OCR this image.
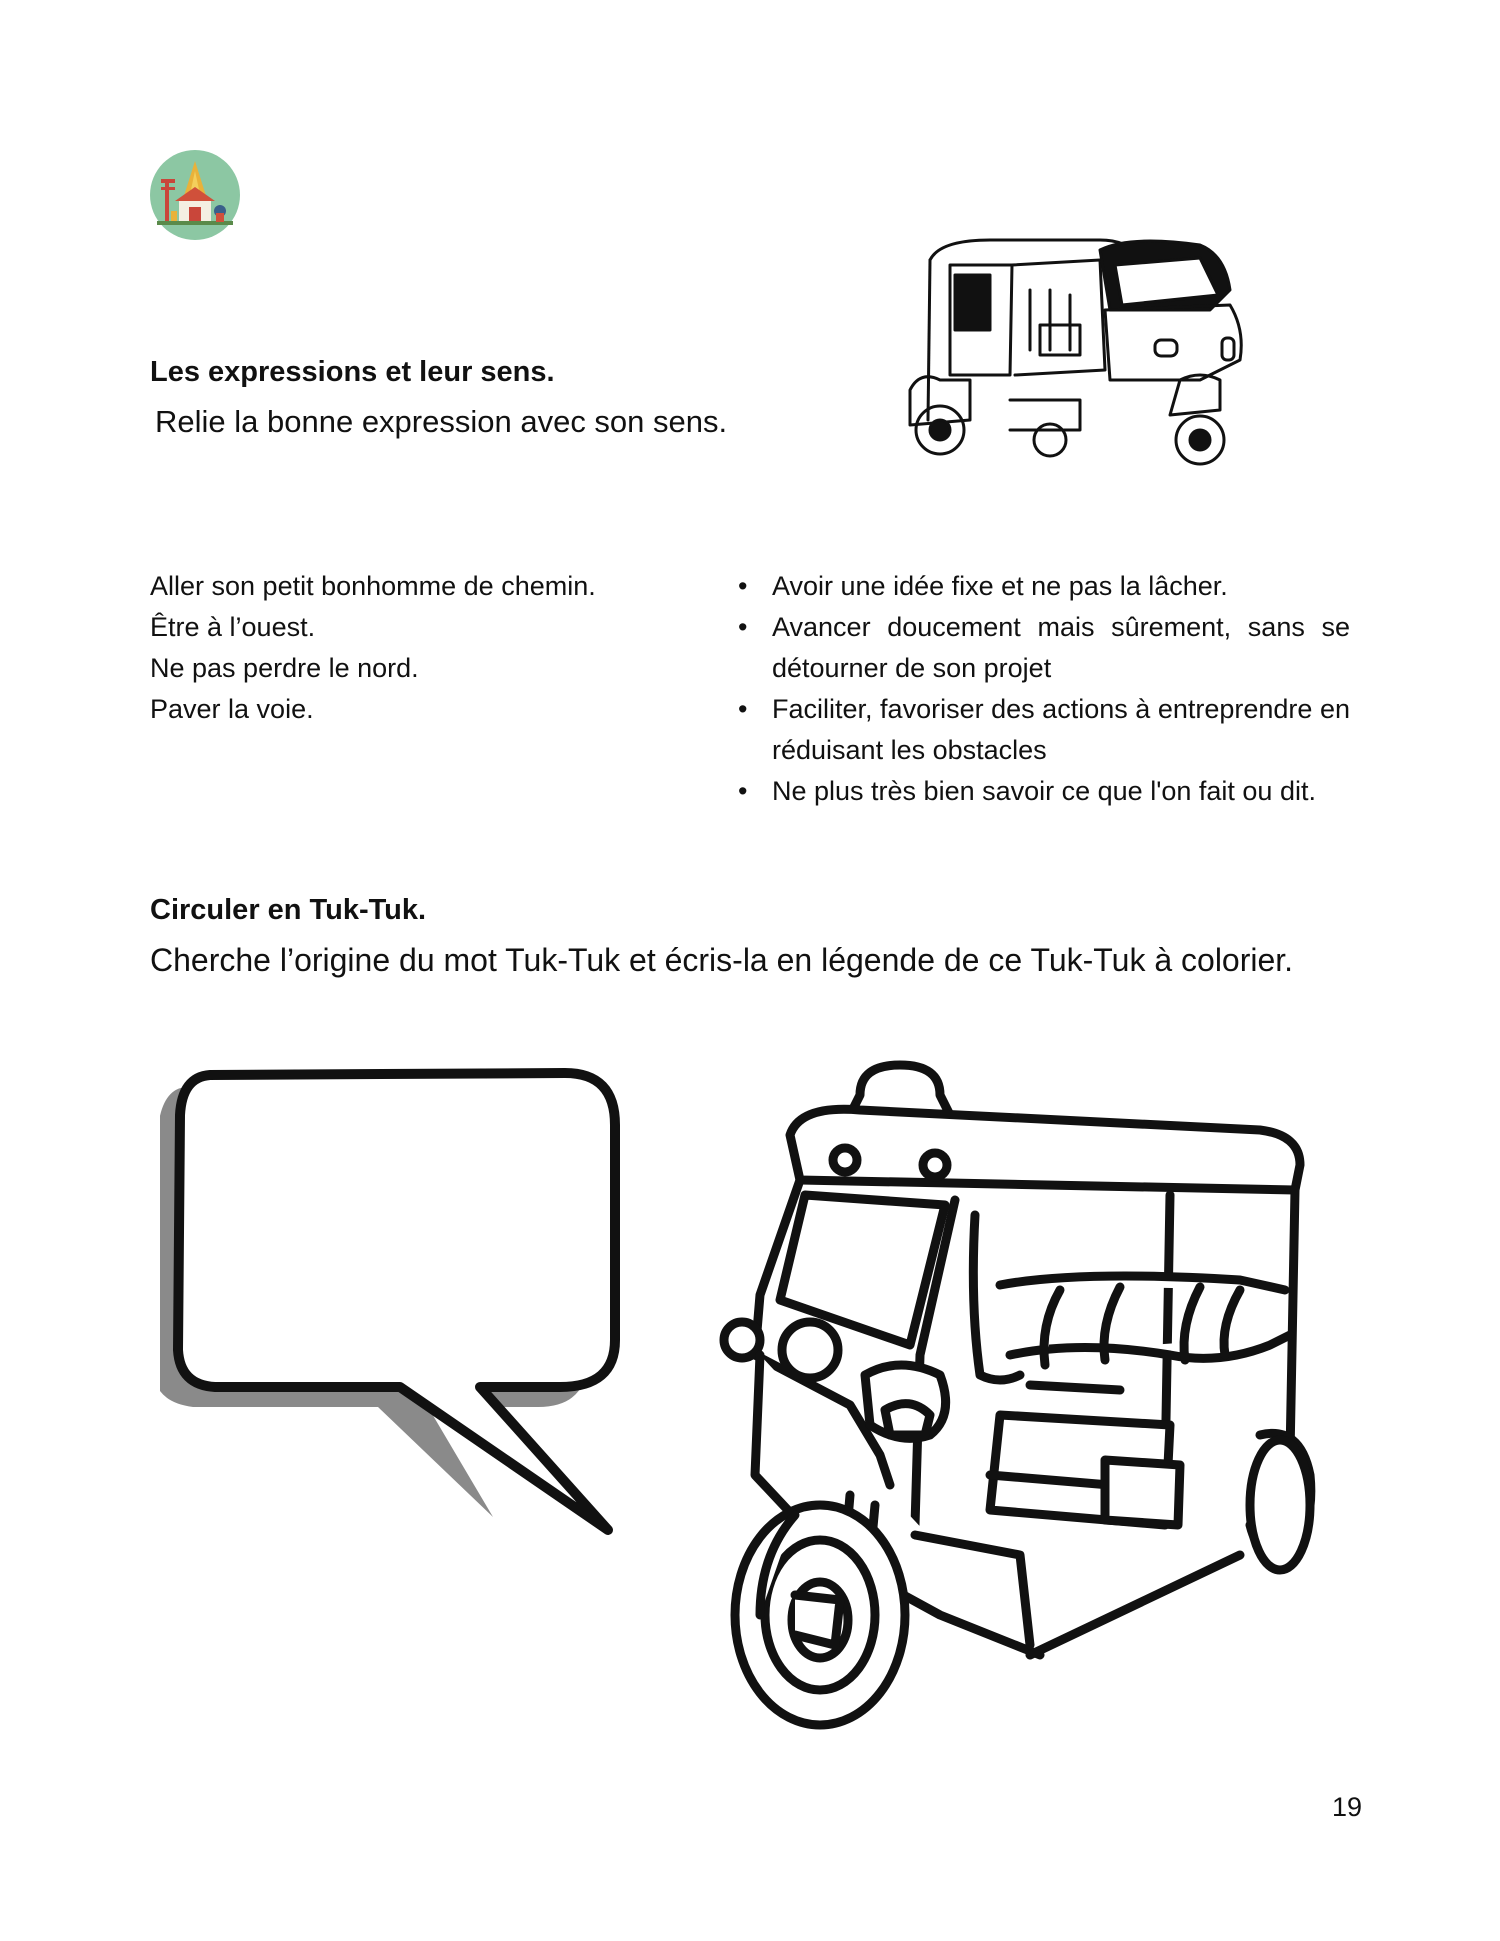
Les expressions et leur sens.
Relie la bonne expression avec son sens.
Aller son petit bonhomme de chemin.
Être à l’ouest.
Ne pas perdre le nord.
Paver la voie.
• Avoir une idée fixe et ne pas la lâcher.
• Avancer doucement mais sûrement, sans se détourner de son projet
• Faciliter, favoriser des actions à entreprendre en réduisant les obstacles
• Ne plus très bien savoir ce que l'on fait ou dit.
Circuler en Tuk-Tuk.
Cherche l’origine du mot Tuk-Tuk et écris-la en légende de ce Tuk-Tuk à colorier.
19
